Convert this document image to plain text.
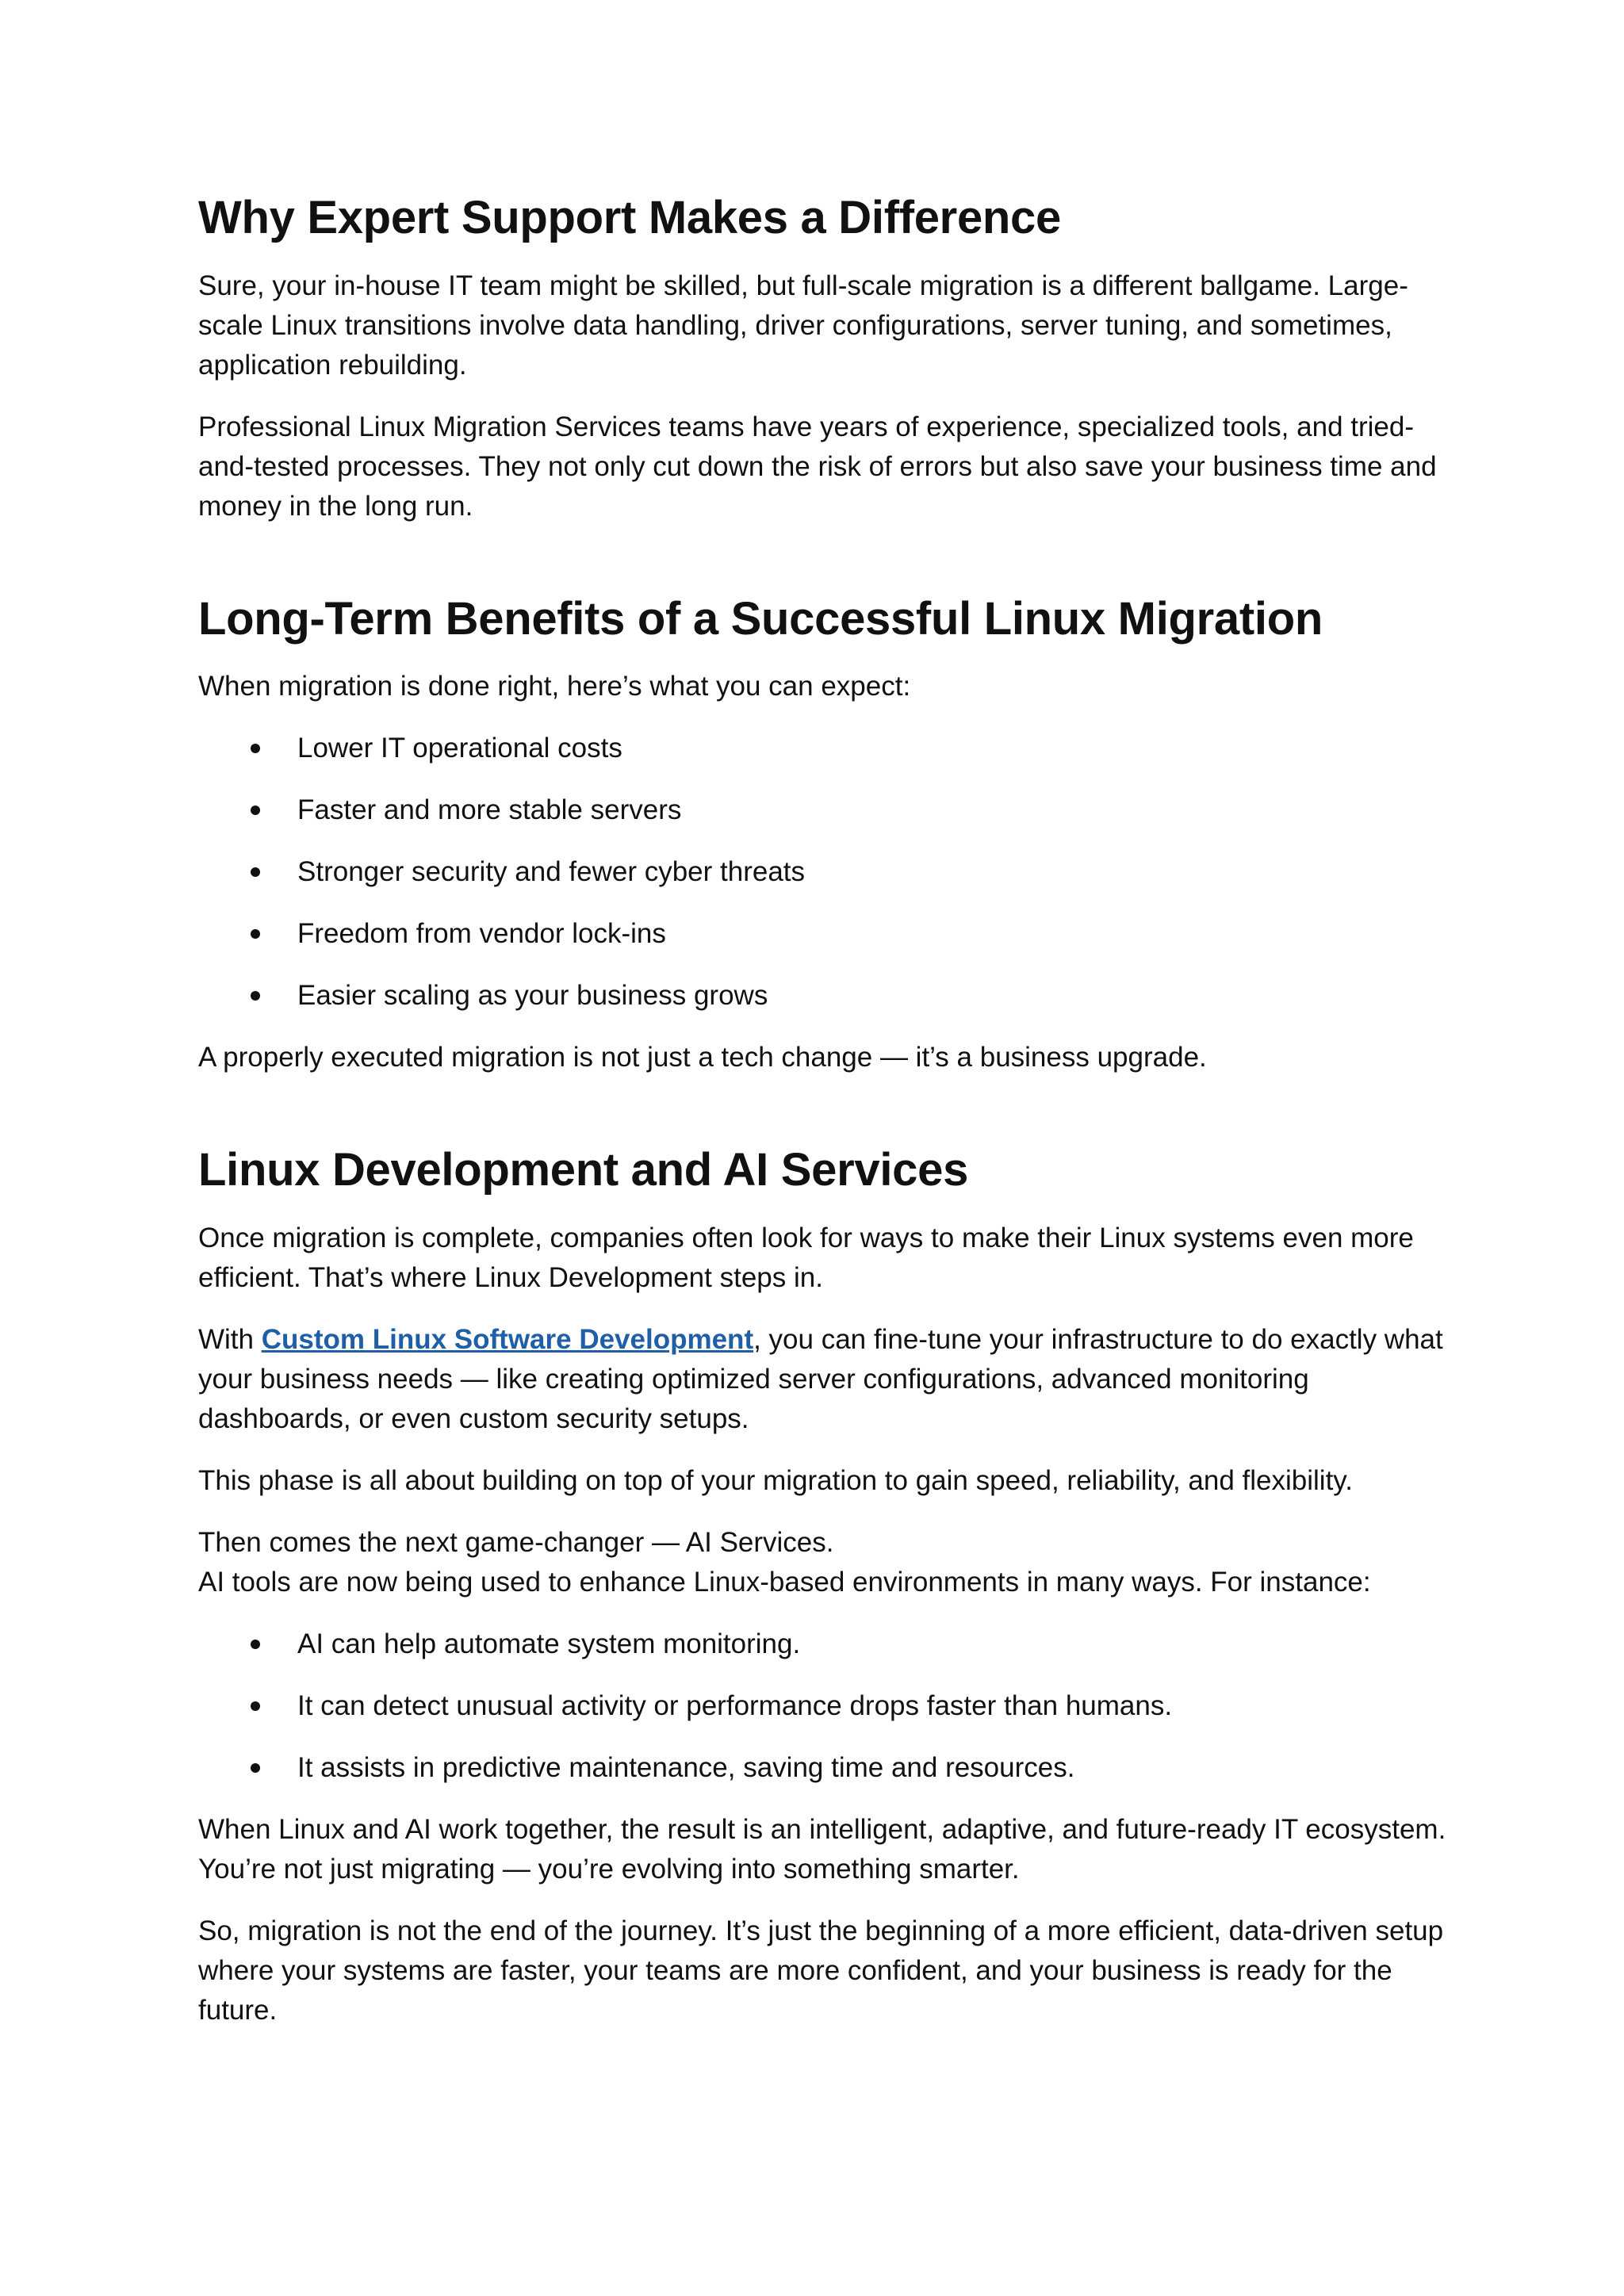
Why Expert Support Makes a Difference

Sure, your in-house IT team might be skilled, but full-scale migration is a different ballgame. Large-scale Linux transitions involve data handling, driver configurations, server tuning, and sometimes, application rebuilding.

Professional Linux Migration Services teams have years of experience, specialized tools, and tried-and-tested processes. They not only cut down the risk of errors but also save your business time and money in the long run.

Long-Term Benefits of a Successful Linux Migration

When migration is done right, here’s what you can expect:

Lower IT operational costs
Faster and more stable servers
Stronger security and fewer cyber threats
Freedom from vendor lock-ins
Easier scaling as your business grows

A properly executed migration is not just a tech change — it’s a business upgrade.

Linux Development and AI Services

Once migration is complete, companies often look for ways to make their Linux systems even more efficient. That’s where Linux Development steps in.

With Custom Linux Software Development, you can fine-tune your infrastructure to do exactly what your business needs — like creating optimized server configurations, advanced monitoring dashboards, or even custom security setups.

This phase is all about building on top of your migration to gain speed, reliability, and flexibility.

Then comes the next game-changer — AI Services.
AI tools are now being used to enhance Linux-based environments in many ways. For instance:

AI can help automate system monitoring.
It can detect unusual activity or performance drops faster than humans.
It assists in predictive maintenance, saving time and resources.

When Linux and AI work together, the result is an intelligent, adaptive, and future-ready IT ecosystem. You’re not just migrating — you’re evolving into something smarter.

So, migration is not the end of the journey. It’s just the beginning of a more efficient, data-driven setup where your systems are faster, your teams are more confident, and your business is ready for the future.
